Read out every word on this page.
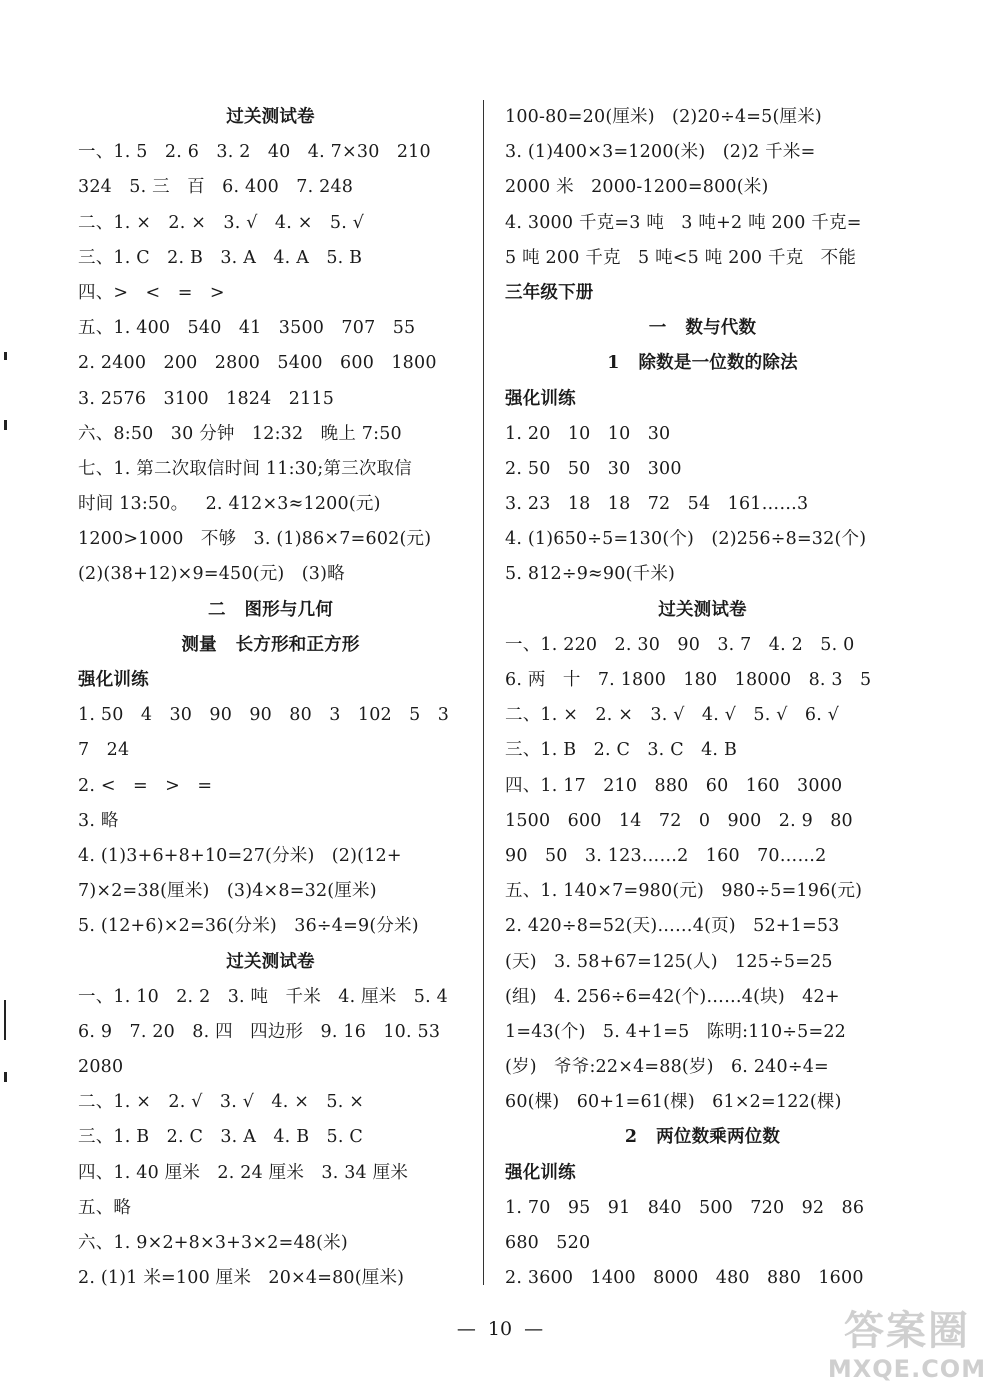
过关测试卷
一、1. 5   2. 6   3. 2   40   4. 7×30   210
324   5. 三   百   6. 400   7. 248
二、1. ×   2. ×   3. √   4. ×   5. √
三、1. C   2. B   3. A   4. A   5. B
四、>   <   =   >
五、1. 400   540   41   3500   707   55
2. 2400   200   2800   5400   600   1800
3. 2576   3100   1824   2115
六、8:50   30 分钟   12:32   晚上 7:50
七、1. 第二次取信时间 11:30;第三次取信
时间 13:50。   2. 412×3≈1200(元)
1200>1000   不够   3. (1)86×7=602(元)
(2)(38+12)×9=450(元)   (3)略
二   图形与几何
测量   长方形和正方形
强化训练
1. 50   4   30   90   90   80   3   102   5   3
7   24
2. <   =   >   =
3. 略
4. (1)3+6+8+10=27(分米)   (2)(12+
7)×2=38(厘米)   (3)4×8=32(厘米)
5. (12+6)×2=36(分米)   36÷4=9(分米)
过关测试卷
一、1. 10   2. 2   3. 吨   千米   4. 厘米   5. 4
6. 9   7. 20   8. 四   四边形   9. 16   10. 53
2080
二、1. ×   2. √   3. √   4. ×   5. ×
三、1. B   2. C   3. A   4. B   5. C
四、1. 40 厘米   2. 24 厘米   3. 34 厘米
五、略
六、1. 9×2+8×3+3×2=48(米)
2. (1)1 米=100 厘米   20×4=80(厘米)
100-80=20(厘米)   (2)20÷4=5(厘米)
3. (1)400×3=1200(米)   (2)2 千米=
2000 米   2000-1200=800(米)
4. 3000 千克=3 吨   3 吨+2 吨 200 千克=
5 吨 200 千克   5 吨<5 吨 200 千克   不能
三年级下册
一   数与代数
1   除数是一位数的除法
强化训练
1. 20   10   10   30
2. 50   50   30   300
3. 23   18   18   72   54   161……3
4. (1)650÷5=130(个)   (2)256÷8=32(个)
5. 812÷9≈90(千米)
过关测试卷
一、1. 220   2. 30   90   3. 7   4. 2   5. 0
6. 两   十   7. 1800   180   18000   8. 3   5
二、1. ×   2. ×   3. √   4. √   5. √   6. √
三、1. B   2. C   3. C   4. B
四、1. 17   210   880   60   160   3000
1500   600   14   72   0   900   2. 9   80
90   50   3. 123……2   160   70……2
五、1. 140×7=980(元)   980÷5=196(元)
2. 420÷8=52(天)……4(页)   52+1=53
(天)   3. 58+67=125(人)   125÷5=25
(组)   4. 256÷6=42(个)……4(块)   42+
1=43(个)   5. 4+1=5   陈明:110÷5=22
(岁)   爷爷:22×4=88(岁)   6. 240÷4=
60(棵)   60+1=61(棵)   61×2=122(棵)
2   两位数乘两位数
强化训练
1. 70   95   91   840   500   720   92   86
680   520
2. 3600   1400   8000   480   880   1600
—  10  —	答案圈
MXQE.COM
